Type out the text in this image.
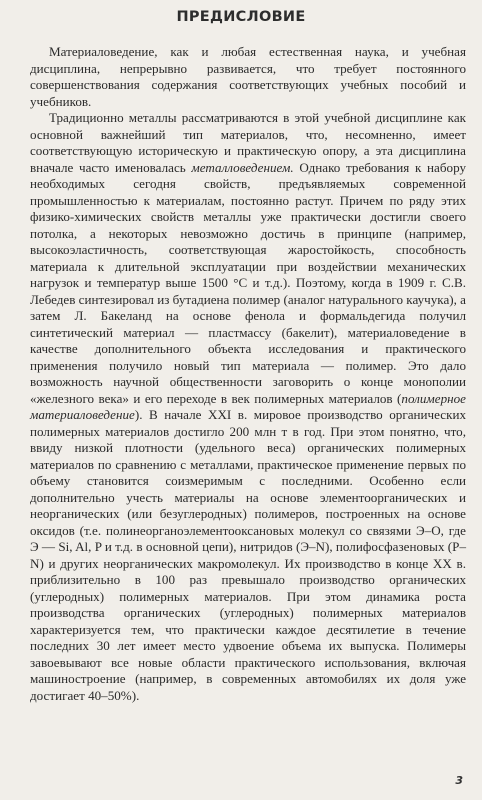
ПРЕДИСЛОВИЕ

Материаловедение, как и любая естественная наука, и учебная дисциплина, непрерывно развивается, что требует постоянного совершенствования содержания соответствующих учебных пособий и учебников.

Традиционно металлы рассматриваются в этой учебной дисциплине как основной важнейший тип материалов, что, несомненно, имеет соответствующую историческую и практическую опору, а эта дисциплина вначале часто именовалась металловедением. Однако требования к набору необходимых сегодня свойств, предъявляемых современной промышленностью к материалам, постоянно растут. Причем по ряду этих физико-химических свойств металлы уже практически достигли своего потолка, а некоторых невозможно достичь в принципе (например, высокоэластичность, соответствующая жаростойкость, способность материала к длительной эксплуатации при воздействии механических нагрузок и температур выше 1500 °С и т.д.). Поэтому, когда в 1909 г. С.В. Лебедев синтезировал из бутадиена полимер (аналог натурального каучука), а затем Л. Бакеланд на основе фенола и формальдегида получил синтетический материал — пластмассу (бакелит), материаловедение в качестве дополнительного объекта исследования и практического применения получило новый тип материала — полимер. Это дало возможность научной общественности заговорить о конце монополии «железного века» и его переходе в век полимерных материалов (полимерное материаловедение). В начале XXI в. мировое производство органических полимерных материалов достигло 200 млн т в год. При этом понятно, что, ввиду низкой плотности (удельного веса) органических полимерных материалов по сравнению с металлами, практическое применение первых по объему становится соизмеримым с последними. Особенно если дополнительно учесть материалы на основе элементоорганических и неорганических (или безуглеродных) полимеров, построенных на основе оксидов (т.е. полинеорганоэлементооксановых молекул со связями Э–О, где Э — Si, Al, P и т.д. в основной цепи), нитридов (Э–N), полифосфазеновых (P–N) и других неорганических макромолекул. Их производство в конце XX в. приблизительно в 100 раз превышало производство органических (углеродных) полимерных материалов. При этом динамика роста производства органических (углеродных) полимерных материалов характеризуется тем, что практически каждое десятилетие в течение последних 30 лет имеет место удвоение объема их выпуска. Полимеры завоевывают все новые области практического использования, включая машиностроение (например, в современных автомобилях их доля уже достигает 40–50%).

3
